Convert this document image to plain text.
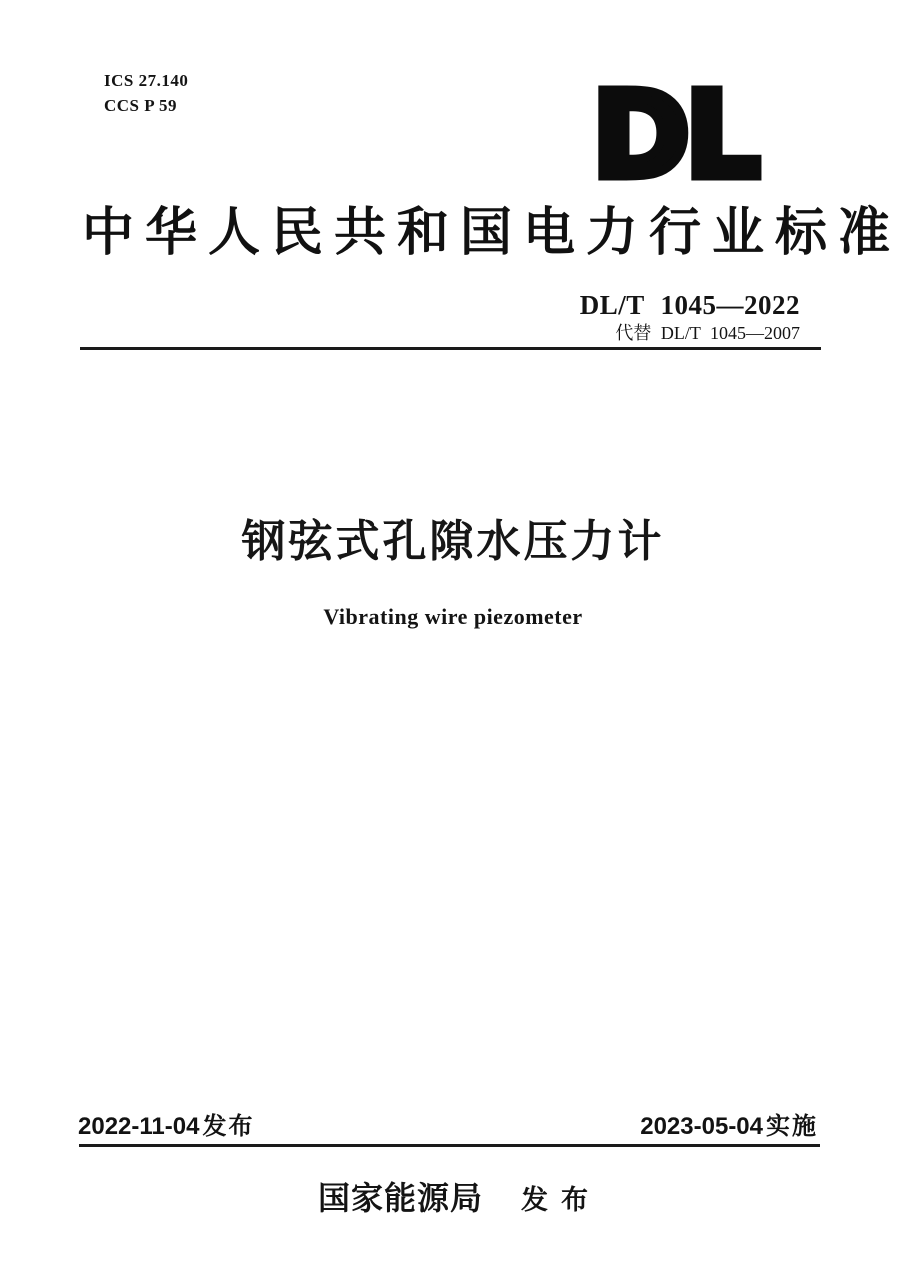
ICS 27.140
CCS P 59	DL
中华人民共和国电力行业标准
DL/T 1045—2022
代替 DL/T 1045—2007
钢弦式孔隙水压力计
Vibrating wire piezometer
2022-11-04 发布	2023-05-04 实施
国家能源局 发布
